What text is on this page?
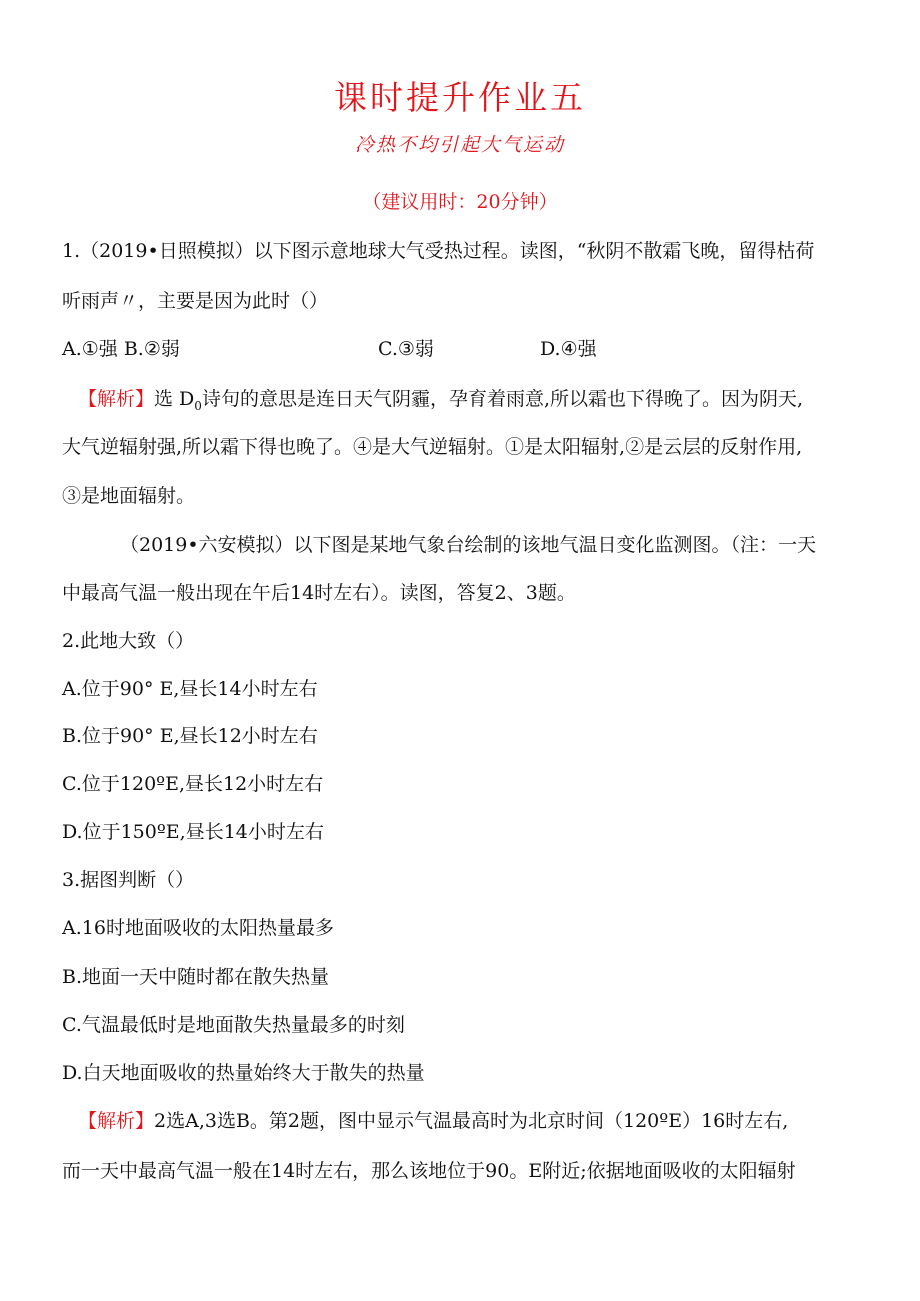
课时提升作业五
冷热不均引起大气运动
（建议用时：20分钟）
1.（2019•日照模拟）以下图示意地球大气受热过程。读图，“秋阴不散霜飞晚，留得枯荷
听雨声〃，主要是因为此时（）
A.①强 B.②弱	C.③弱	D.④强
【解析】选 $D_0$诗句的意思是连日天气阴霾，孕育着雨意,所以霜也下得晚了。因为阴天,
大气逆辐射强,所以霜下得也晚了。④是大气逆辐射。①是太阳辐射,②是云层的反射作用,
③是地面辐射。
（2019•六安模拟）以下图是某地气象台绘制的该地气温日变化监测图。（注：一天
中最高气温一般出现在午后14时左右）。读图，答复2、3题。
2.此地大致（）
A.位于90° E,昼长14小时左右
B.位于90° E,昼长12小时左右
C.位于120ºE,昼长12小时左右
D.位于150ºE,昼长14小时左右
3.据图判断（）
A.16时地面吸收的太阳热量最多
B.地面一天中随时都在散失热量
C.气温最低时是地面散失热量最多的时刻
D.白天地面吸收的热量始终大于散失的热量
【解析】2选A,3选B。第2题，图中显示气温最高时为北京时间（120ºE）16时左右,
而一天中最高气温一般在14时左右，那么该地位于90。E附近;依据地面吸收的太阳辐射
